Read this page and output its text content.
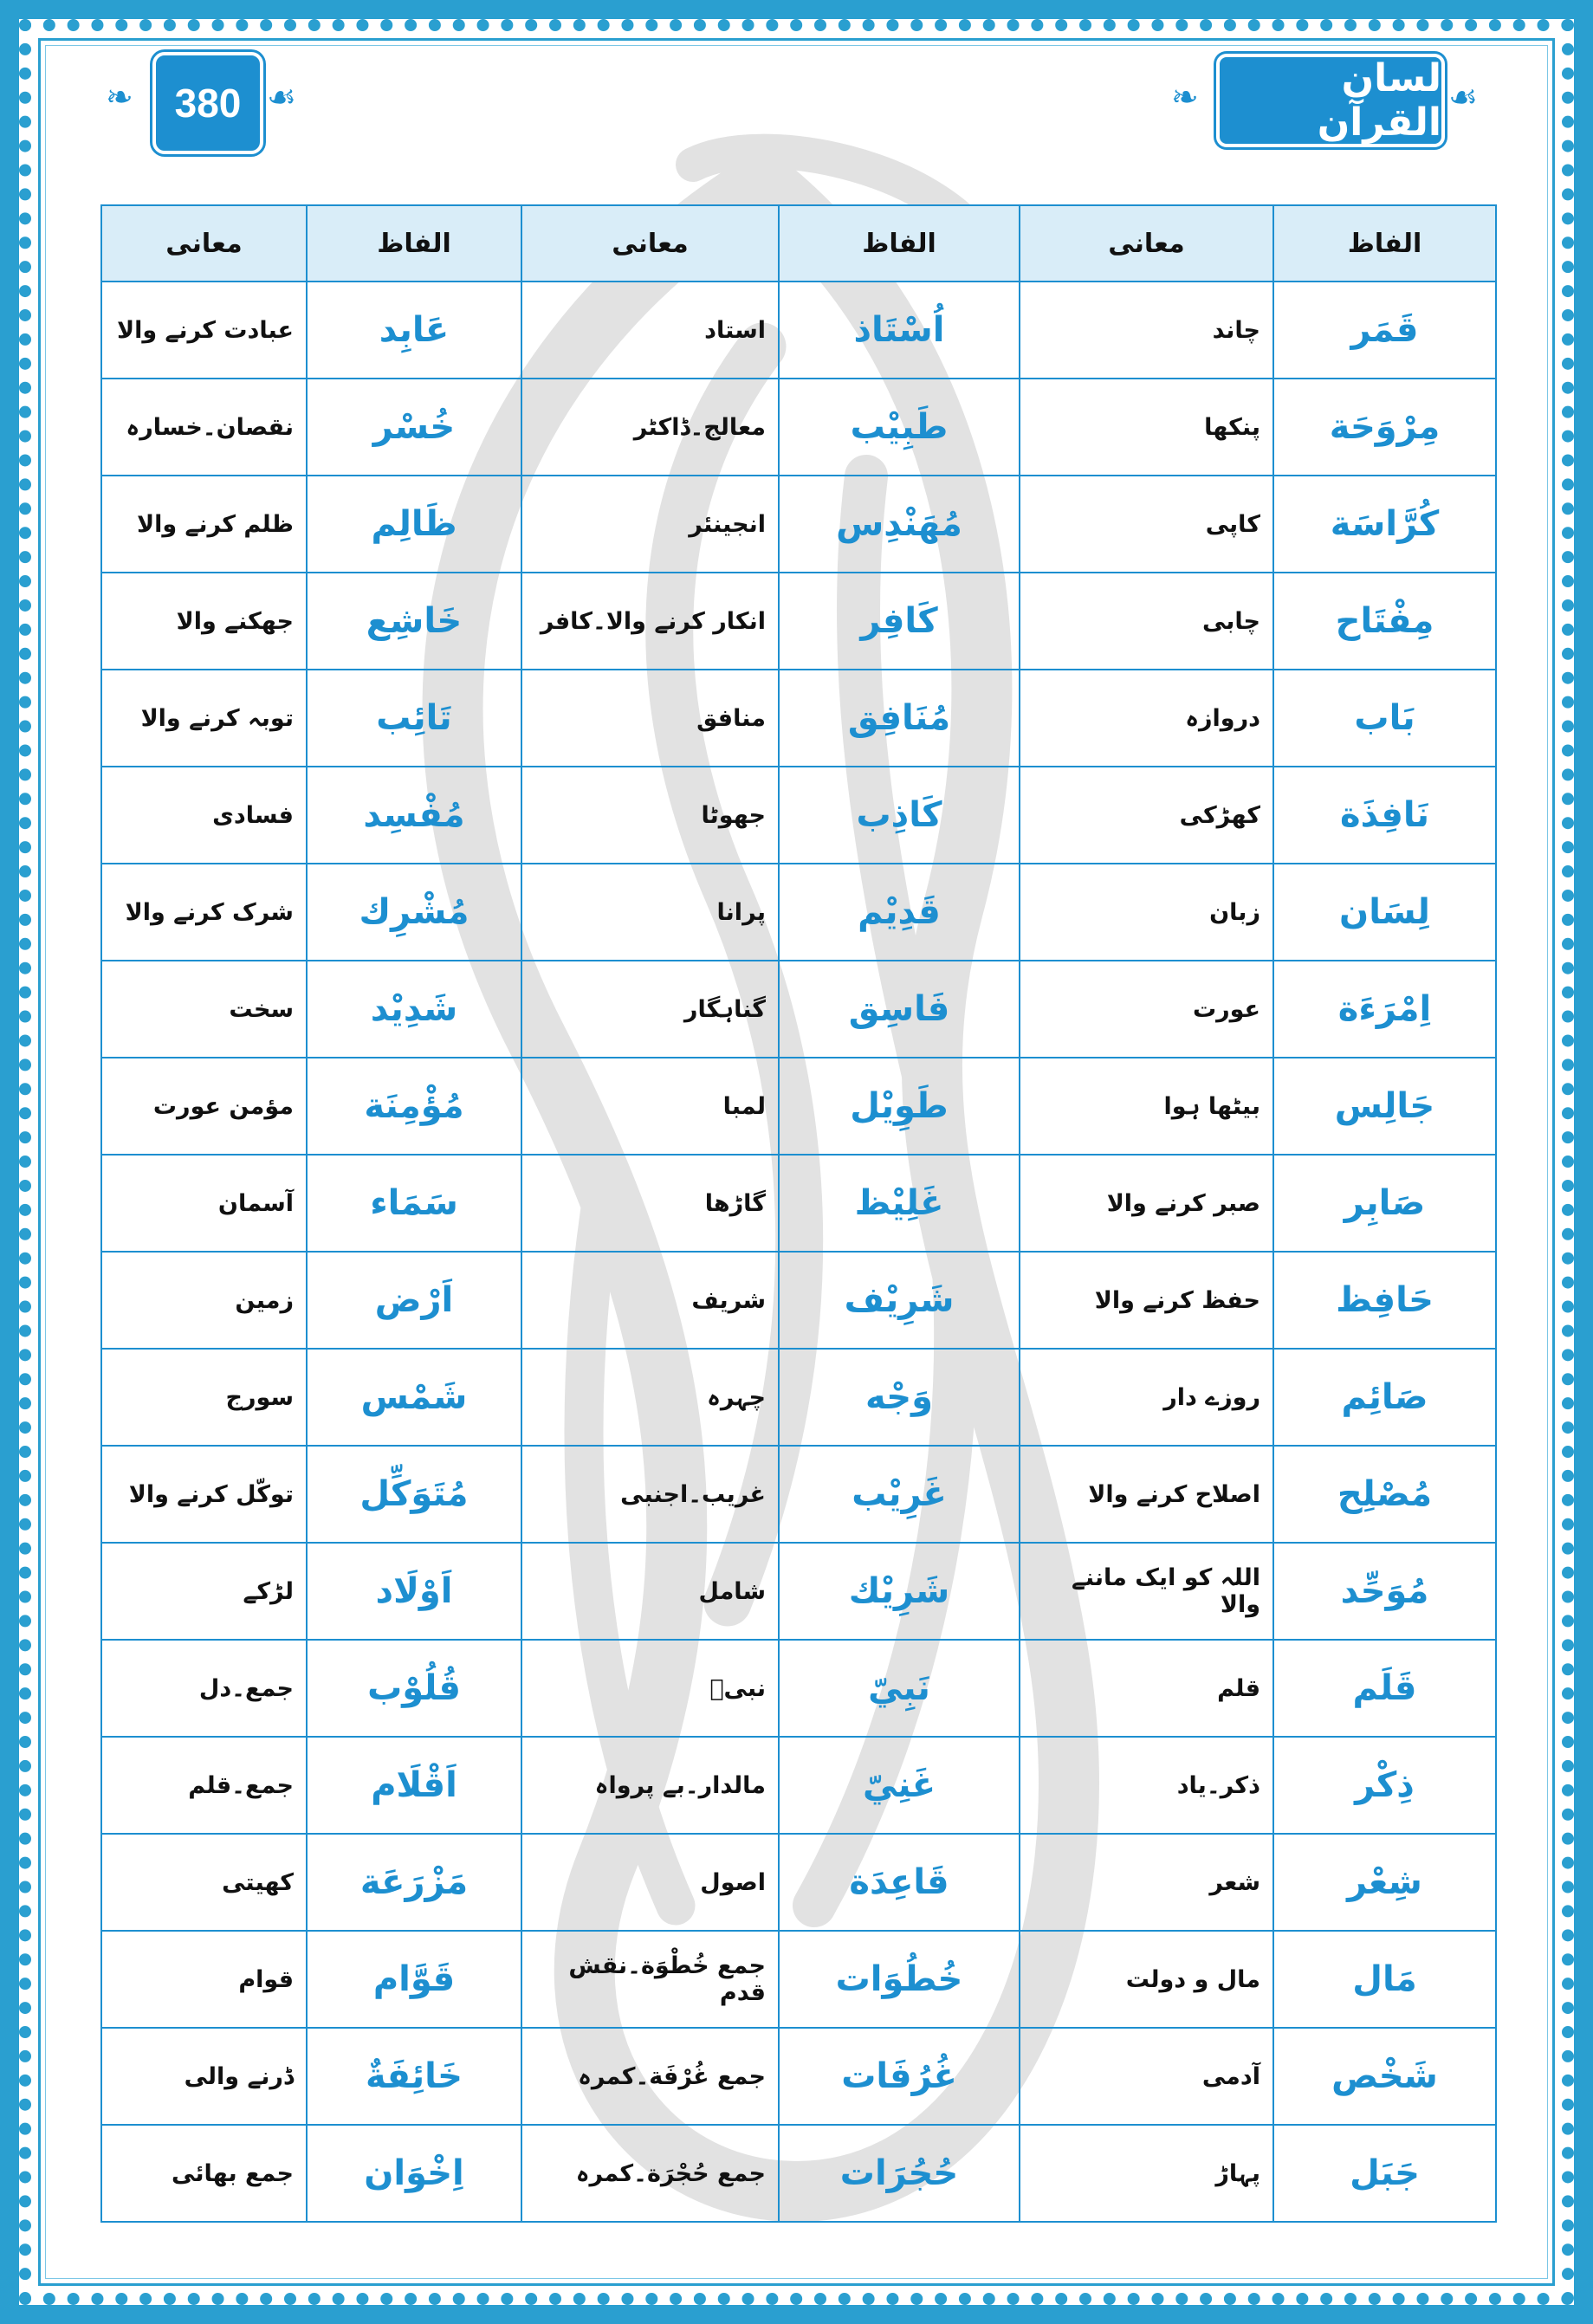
❧	380 ☙	❧	لسان القرآن
☙
الفاظ	معانی	الفاظ	معانی	الفاظ	معانی
قَمَر	چاند	اُسْتَاذ	استاد	عَابِد	عبادت کرنے والا
مِرْوَحَة	پنکھا	طَبِيْب	معالج۔ڈاکٹر	خُسْر	نقصان۔خسارہ
كُرَّاسَة	کاپی	مُهَنْدِس	انجینئر	ظَالِم	ظلم کرنے والا
مِفْتَاح	چابی	كَافِر	انکار کرنے والا۔کافر	خَاشِع	جھکنے والا
بَاب	دروازہ	مُنَافِق	منافق	تَائِب	توبہ کرنے والا
نَافِذَة	کھڑکی	كَاذِب	جھوٹا	مُفْسِد	فسادی
لِسَان	زبان	قَدِيْم	پرانا	مُشْرِك	شرک کرنے والا
اِمْرَءَة	عورت	فَاسِق	گناہگار	شَدِيْد	سخت
جَالِس	بیٹھا ہوا	طَوِيْل	لمبا	مُؤْمِنَة	مؤمن عورت
صَابِر	صبر کرنے والا	غَلِيْظ	گاڑھا	سَمَاء	آسمان
حَافِظ	حفظ کرنے والا	شَرِيْف	شریف	اَرْض	زمین
صَائِم	روزے دار	وَجْه	چہرہ	شَمْس	سورج
مُصْلِح	اصلاح کرنے والا	غَرِيْب	غریب۔اجنبی	مُتَوَكِّل	توکّل کرنے والا
مُوَحِّد	اللہ کو ایک ماننے والا	شَرِيْك	شامل	اَوْلَاد	لڑکے
قَلَم	قلم	نَبِيّ	نبیؐ	قُلُوْب	جمع۔دل
ذِكْر	ذکر۔یاد	غَنِيّ	مالدار۔بے پرواہ	اَقْلَام	جمع۔قلم
شِعْر	شعر	قَاعِدَة	اصول	مَزْرَعَة	کھیتی
مَال	مال و دولت	خُطُوَات	جمع خُطْوَة۔نقش قدم	قَوَّام	قوام
شَخْص	آدمی	غُرُفَات	جمع غُرْفَة۔کمرہ	خَائِفَةٌ	ڈرنے والی
جَبَل	پہاڑ	حُجُرَات	جمع حُجْرَة۔کمرہ	اِخْوَان	جمع بھائی
